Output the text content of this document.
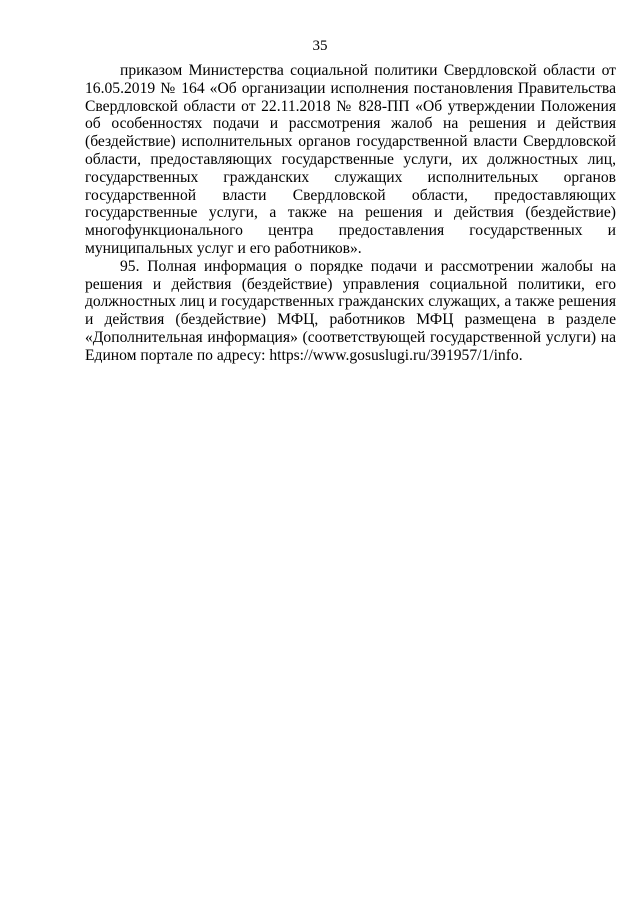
35

приказом Министерства социальной политики Свердловской области от 16.05.2019 № 164 «Об организации исполнения постановления Правительства Свердловской области от 22.11.2018 № 828-ПП «Об утверждении Положения об особенностях подачи и рассмотрения жалоб на решения и действия (бездействие) исполнительных органов государственной власти Свердловской области, предоставляющих государственные услуги, их должностных лиц, государственных гражданских служащих исполнительных органов государственной власти Свердловской области, предоставляющих государственные услуги, а также на решения и действия (бездействие) многофункционального центра предоставления государственных и муниципальных услуг и его работников».

95. Полная информация о порядке подачи и рассмотрении жалобы на решения и действия (бездействие) управления социальной политики, его должностных лиц и государственных гражданских служащих, а также решения и действия (бездействие) МФЦ, работников МФЦ размещена в разделе «Дополнительная информация» (соответствующей государственной услуги) на Едином портале по адресу: https://www.gosuslugi.ru/391957/1/info.
